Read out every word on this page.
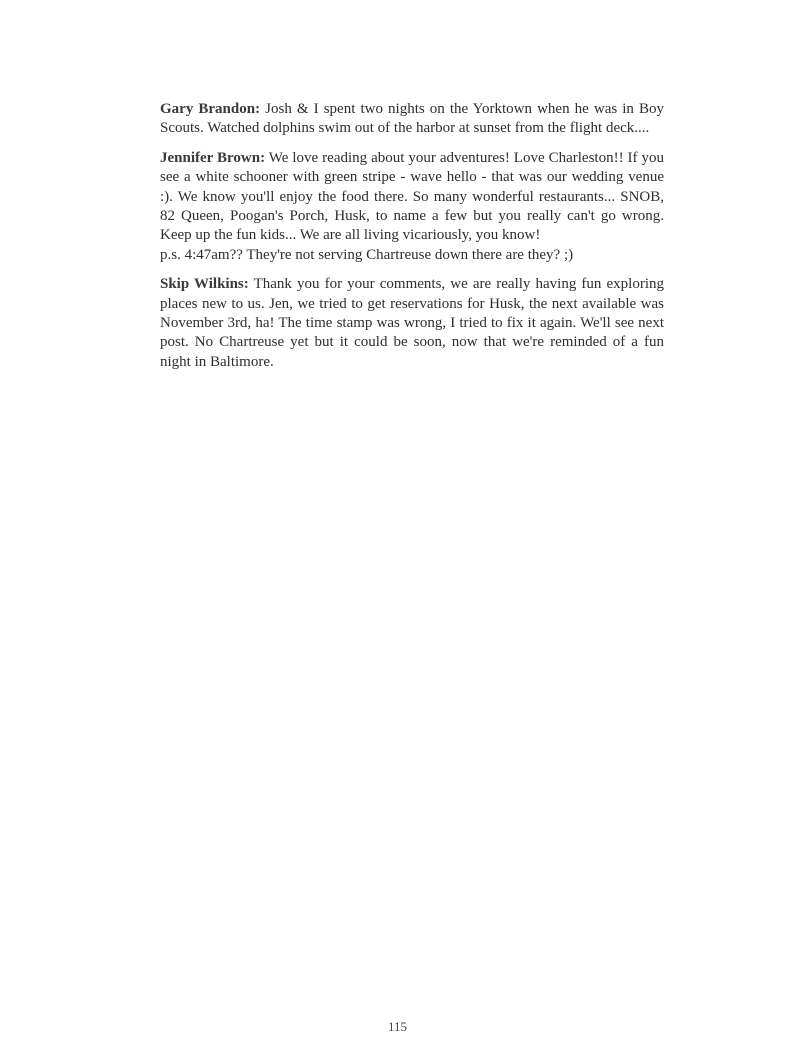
Gary Brandon: Josh & I spent two nights on the Yorktown when he was in Boy Scouts. Watched dolphins swim out of the harbor at sunset from the flight deck....

Jennifer Brown: We love reading about your adventures! Love Charleston!! If you see a white schooner with green stripe - wave hello - that was our wedding venue :). We know you'll enjoy the food there. So many wonderful restaurants... SNOB, 82 Queen, Poogan's Porch, Husk, to name a few but you really can't go wrong. Keep up the fun kids... We are all living vicariously, you know!
p.s. 4:47am?? They're not serving Chartreuse down there are they? ;)

Skip Wilkins: Thank you for your comments, we are really having fun exploring places new to us. Jen, we tried to get reservations for Husk, the next available was November 3rd, ha! The time stamp was wrong, I tried to fix it again. We'll see next post. No Chartreuse yet but it could be soon, now that we're reminded of a fun night in Baltimore.

115
